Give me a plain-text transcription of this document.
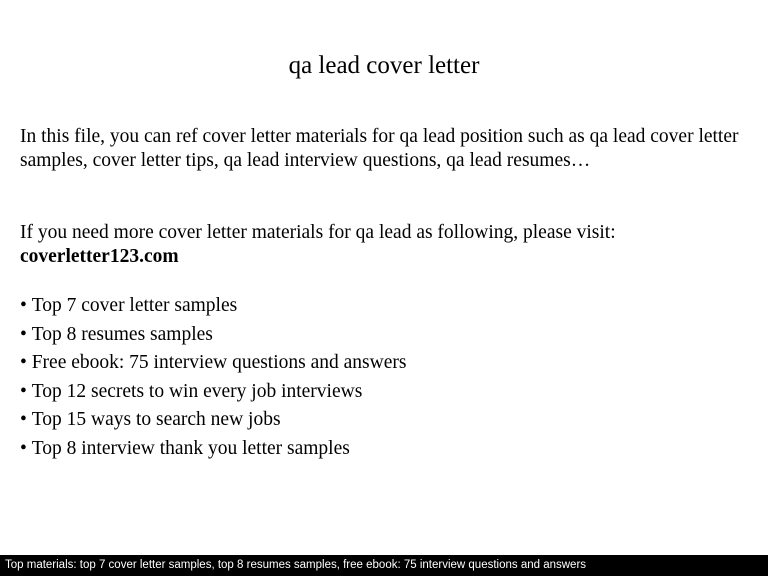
qa lead cover letter

In this file, you can ref cover letter materials for qa lead position such as qa lead cover letter samples, cover letter tips, qa lead interview questions, qa lead resumes…

If you need more cover letter materials for qa lead as following, please visit:
coverletter123.com

• Top 7 cover letter samples
• Top 8 resumes samples
• Free ebook: 75 interview questions and answers
• Top 12 secrets to win every job interviews
• Top 15 ways to search new jobs
• Top 8 interview thank you letter samples
Top materials: top 7 cover letter samples, top 8 resumes samples, free ebook: 75 interview questions and answers
